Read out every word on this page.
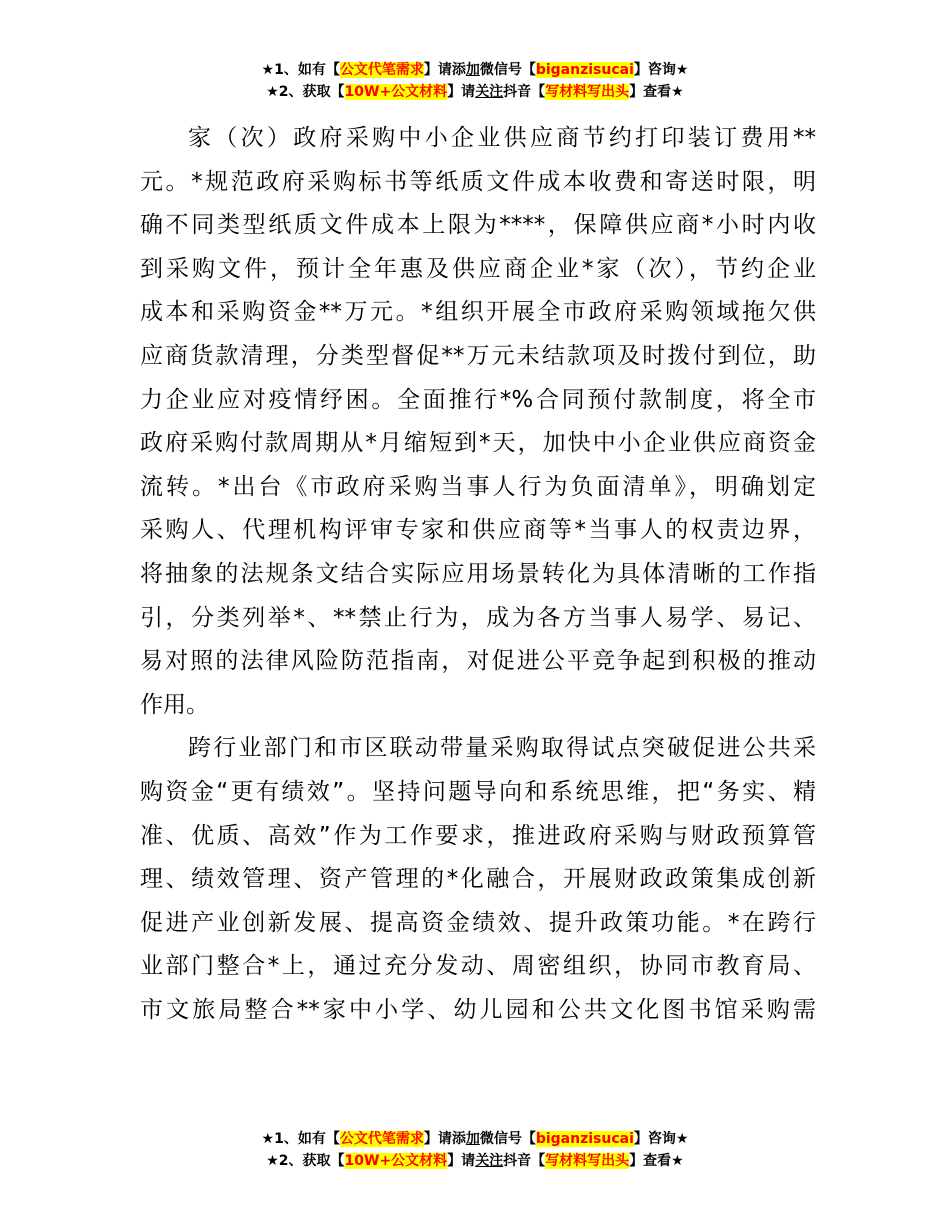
★1、如有【公文代笔需求】请添加微信号【biganzisucai】咨询★
★2、获取【10W+公文材料】请关注抖音【写材料写出头】查看★
家（次）政府采购中小企业供应商节约打印装订费用**
元。*规范政府采购标书等纸质文件成本收费和寄送时限，明
确不同类型纸质文件成本上限为****，保障供应商*小时内收
到采购文件，预计全年惠及供应商企业*家（次），节约企业
成本和采购资金**万元。*组织开展全市政府采购领域拖欠供
应商货款清理，分类型督促**万元未结款项及时拨付到位，助
力企业应对疫情纾困。全面推行*%合同预付款制度，将全市
政府采购付款周期从*月缩短到*天，加快中小企业供应商资金
流转。*出台《市政府采购当事人行为负面清单》，明确划定
采购人、代理机构评审专家和供应商等*当事人的权责边界，
将抽象的法规条文结合实际应用场景转化为具体清晰的工作指
引，分类列举*、**禁止行为，成为各方当事人易学、易记、
易对照的法律风险防范指南，对促进公平竞争起到积极的推动
作用。
跨行业部门和市区联动带量采购取得试点突破促进公共采
购资金“更有绩效”。坚持问题导向和系统思维，把“务实、精
准、优质、高效”作为工作要求，推进政府采购与财政预算管
理、绩效管理、资产管理的*化融合，开展财政政策集成创新
促进产业创新发展、提高资金绩效、提升政策功能。*在跨行
业部门整合*上，通过充分发动、周密组织，协同市教育局、
市文旅局整合**家中小学、幼儿园和公共文化图书馆采购需
★1、如有【公文代笔需求】请添加微信号【biganzisucai】咨询★
★2、获取【10W+公文材料】请关注抖音【写材料写出头】查看★
